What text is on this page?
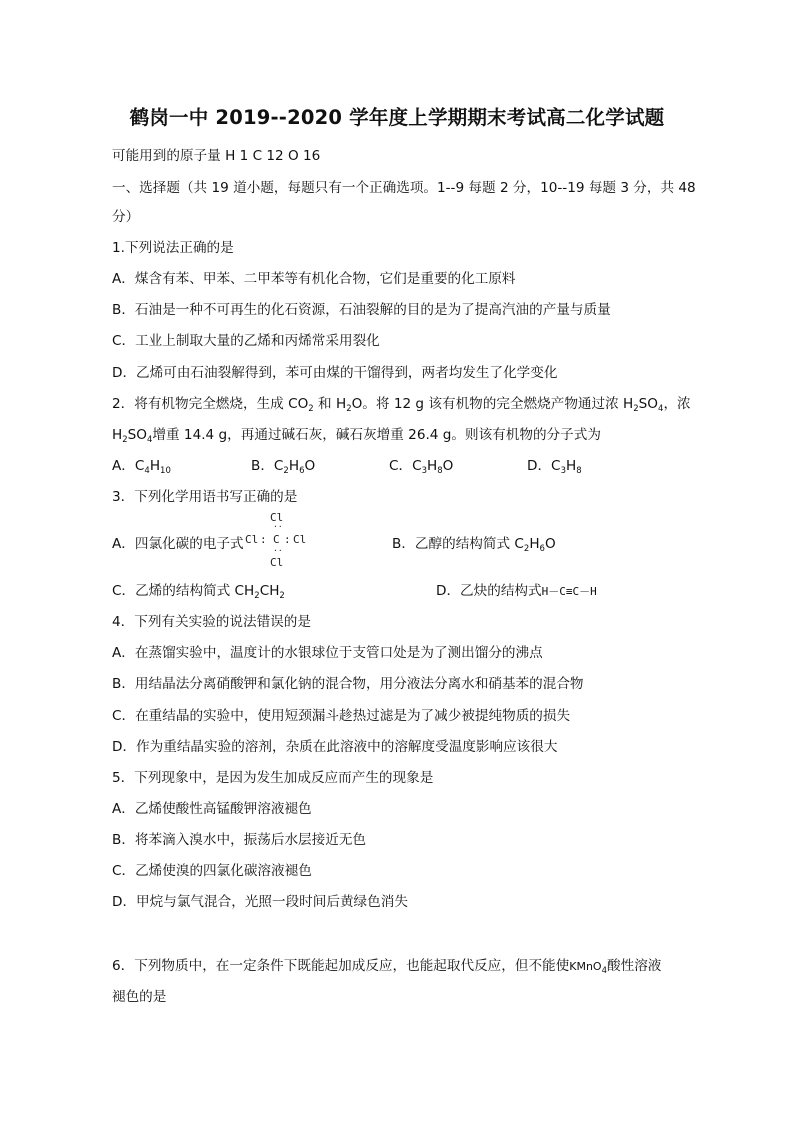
鹤岗一中 2019--2020 学年度上学期期末考试高二化学试题
可能用到的原子量 H 1 C 12 O 16
一、选择题（共 19 道小题，每题只有一个正确选项。1--9 每题 2 分，10--19 每题 3 分，共 48
分）
1.下列说法正确的是
A．煤含有苯、甲苯、二甲苯等有机化合物，它们是重要的化工原料
B．石油是一种不可再生的化石资源，石油裂解的目的是为了提高汽油的产量与质量
C．工业上制取大量的乙烯和丙烯常采用裂化
D．乙烯可由石油裂解得到，苯可由煤的干馏得到，两者均发生了化学变化
2．将有机物完全燃烧，生成 $CO_2$ 和 $H_2O$。将 12 g 该有机物的完全燃烧产物通过浓 $H_2SO_4$，浓
$H_2SO_4$增重 14.4 g，再通过碱石灰，碱石灰增重 26.4 g。则该有机物的分子式为
A．$C_4H_{10}$	B．$C_2H_6O$	C．$C_3H_8O$	D．$C_3H_8$
3．下列化学用语书写正确的是
A．四氯化碳的电子式
Cl
··
Cl : C : Cl
··
Cl
B．乙醇的结构简式 $C_2H_6O$
C．乙烯的结构简式 $CH_2CH_2$	D．乙炔的结构式H－C≡C－H
4．下列有关实验的说法错误的是
A．在蒸馏实验中，温度计的水银球位于支管口处是为了测出馏分的沸点
B．用结晶法分离硝酸钾和氯化钠的混合物，用分液法分离水和硝基苯的混合物
C．在重结晶的实验中，使用短颈漏斗趁热过滤是为了减少被提纯物质的损失
D．作为重结晶实验的溶剂，杂质在此溶液中的溶解度受温度影响应该很大
5．下列现象中，是因为发生加成反应而产生的现象是
A．乙烯使酸性高锰酸钾溶液褪色
B．将苯滴入溴水中，振荡后水层接近无色
C．乙烯使溴的四氯化碳溶液褪色
D．甲烷与氯气混合，光照一段时间后黄绿色消失
6．下列物质中，在一定条件下既能起加成反应，也能起取代反应，但不能使KMnO$_4$酸性溶液
褪色的是
